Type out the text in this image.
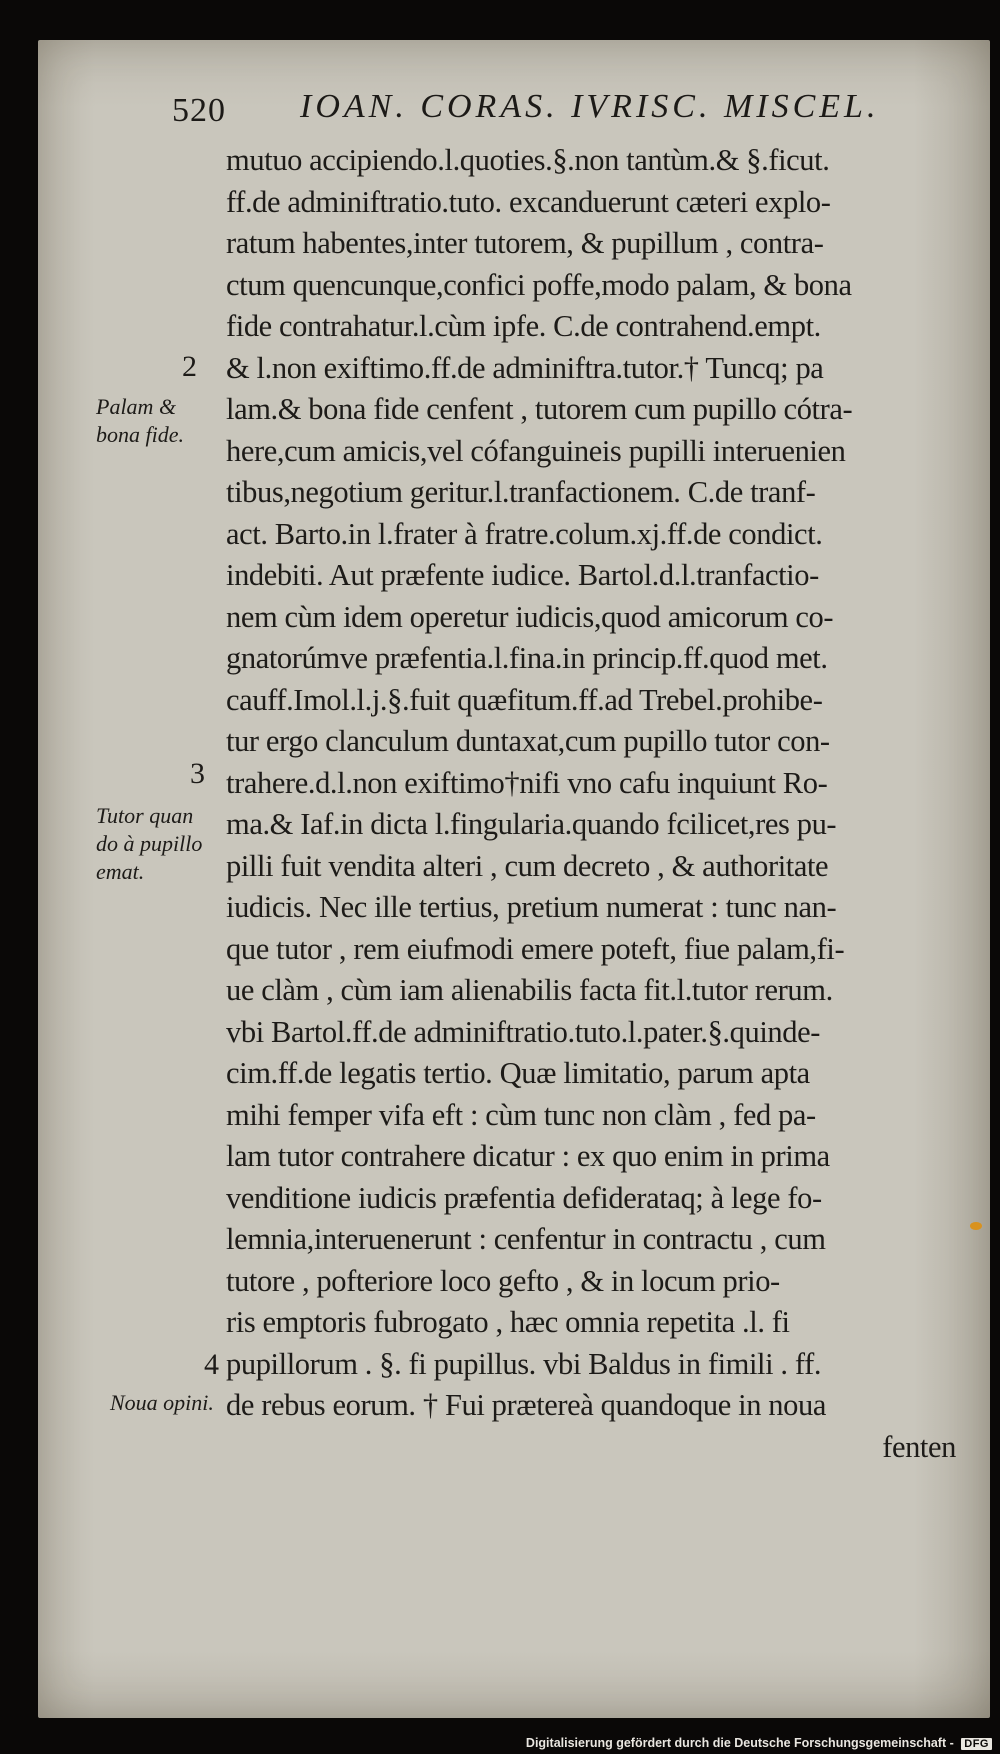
520 IOAN. CORAS. IVRISC. MISCEL.
mutuo accipiendo.l.quoties.§.non tantùm.& §.ficut.
ff.de adminiftratio.tuto. excanduerunt cæteri explo-
ratum habentes,inter tutorem, & pupillum , contra-
ctum quencunque,confici poffe,modo palam, & bona
fide contrahatur.l.cùm ipfe. C.de contrahend.empt.
& l.non exiftimo.ff.de adminiftra.tutor.† Tuncq; pa
lam.& bona fide cenfent , tutorem cum pupillo cótra-
here,cum amicis,vel cófanguineis pupilli interuenien
tibus,negotium geritur.l.tranfactionem. C.de tranf-
act. Barto.in l.frater à fratre.colum.xj.ff.de condict.
indebiti. Aut præfente iudice. Bartol.d.l.tranfactio-
nem cùm idem operetur iudicis,quod amicorum co-
gnatorúmve præfentia.l.fina.in princip.ff.quod met.
cauff.Imol.l.j.§.fuit quæfitum.ff.ad Trebel.prohibe-
tur ergo clanculum duntaxat,cum pupillo tutor con-
trahere.d.l.non exiftimo†nifi vno cafu inquiunt Ro-
ma.& Iaf.in dicta l.fingularia.quando fcilicet,res pu-
pilli fuit vendita alteri , cum decreto , & authoritate
iudicis. Nec ille tertius, pretium numerat : tunc nan-
que tutor , rem eiufmodi emere poteft, fiue palam,fi-
ue clàm , cùm iam alienabilis facta fit.l.tutor rerum.
vbi Bartol.ff.de adminiftratio.tuto.l.pater.§.quinde-
cim.ff.de legatis tertio. Quæ limitatio, parum apta
mihi femper vifa eft : cùm tunc non clàm , fed pa-
lam tutor contrahere dicatur : ex quo enim in prima
venditione iudicis præfentia defiderataq; à lege fo-
lemnia,interuenerunt : cenfentur in contractu , cum
tutore , pofteriore loco gefto , & in locum prio-
ris emptoris fubrogato , hæc omnia repetita .l. fi
pupillorum . §. fi pupillus. vbi Baldus in fimili . ff.
de rebus eorum. † Fui prætereà quandoque in noua
fenten
2
Palam &
bona fide.
3
Tutor quan
do à pupillo
emat.
4
Noua opini.
Digitalisierung gefördert durch die Deutsche Forschungsgemeinschaft - DFG
